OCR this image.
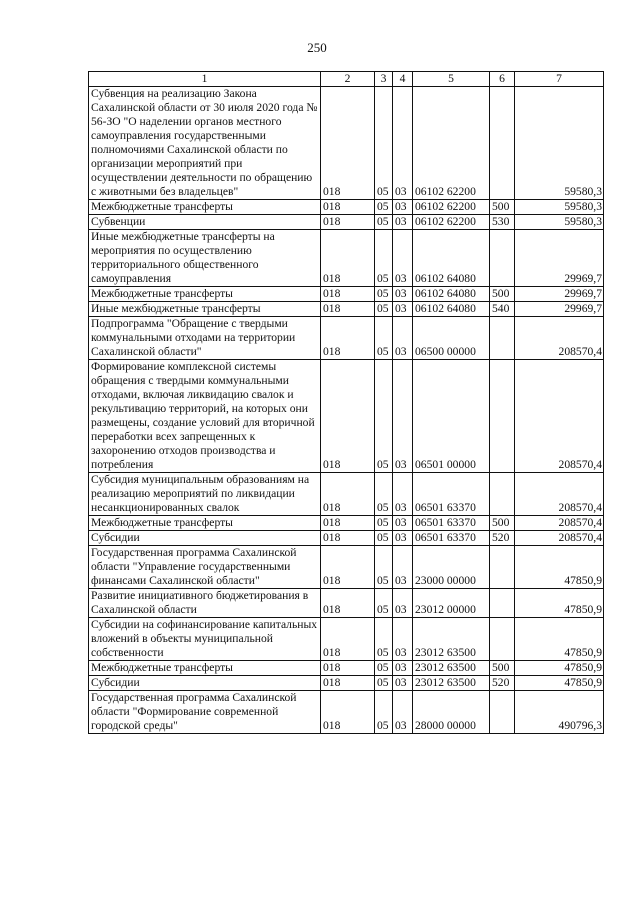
250
1	2	3	4	5	6	7
Субвенция на реализацию Закона Сахалинской области от 30 июля 2020 года № 56-ЗО "О наделении органов местного самоуправления государственными полномочиями Сахалинской области по организации мероприятий при осуществлении деятельности по обращению с животными без владельцев"	018	05	03	06102 62200		59580,3
Межбюджетные трансферты	018	05	03	06102 62200	500	59580,3
Субвенции	018	05	03	06102 62200	530	59580,3
Иные межбюджетные трансферты на мероприятия по осуществлению территориального общественного самоуправления	018	05	03	06102 64080		29969,7
Межбюджетные трансферты	018	05	03	06102 64080	500	29969,7
Иные межбюджетные трансферты	018	05	03	06102 64080	540	29969,7
Подпрограмма "Обращение с твердыми коммунальными отходами на территории Сахалинской области"	018	05	03	06500 00000		208570,4
Формирование комплексной системы обращения с твердыми коммунальными отходами, включая ликвидацию свалок и рекультивацию территорий, на которых они размещены, создание условий для вторичной переработки всех запрещенных к захоронению отходов производства и потребления	018	05	03	06501 00000		208570,4
Субсидия муниципальным образованиям на реализацию мероприятий по ликвидации несанкционированных свалок	018	05	03	06501 63370		208570,4
Межбюджетные трансферты	018	05	03	06501 63370	500	208570,4
Субсидии	018	05	03	06501 63370	520	208570,4
Государственная программа Сахалинской области "Управление государственными финансами Сахалинской области"	018	05	03	23000 00000		47850,9
Развитие инициативного бюджетирования в Сахалинской области	018	05	03	23012 00000		47850,9
Субсидии на софинансирование капитальных вложений в объекты муниципальной собственности	018	05	03	23012 63500		47850,9
Межбюджетные трансферты	018	05	03	23012 63500	500	47850,9
Субсидии	018	05	03	23012 63500	520	47850,9
Государственная программа Сахалинской области "Формирование современной городской среды"	018	05	03	28000 00000		490796,3
